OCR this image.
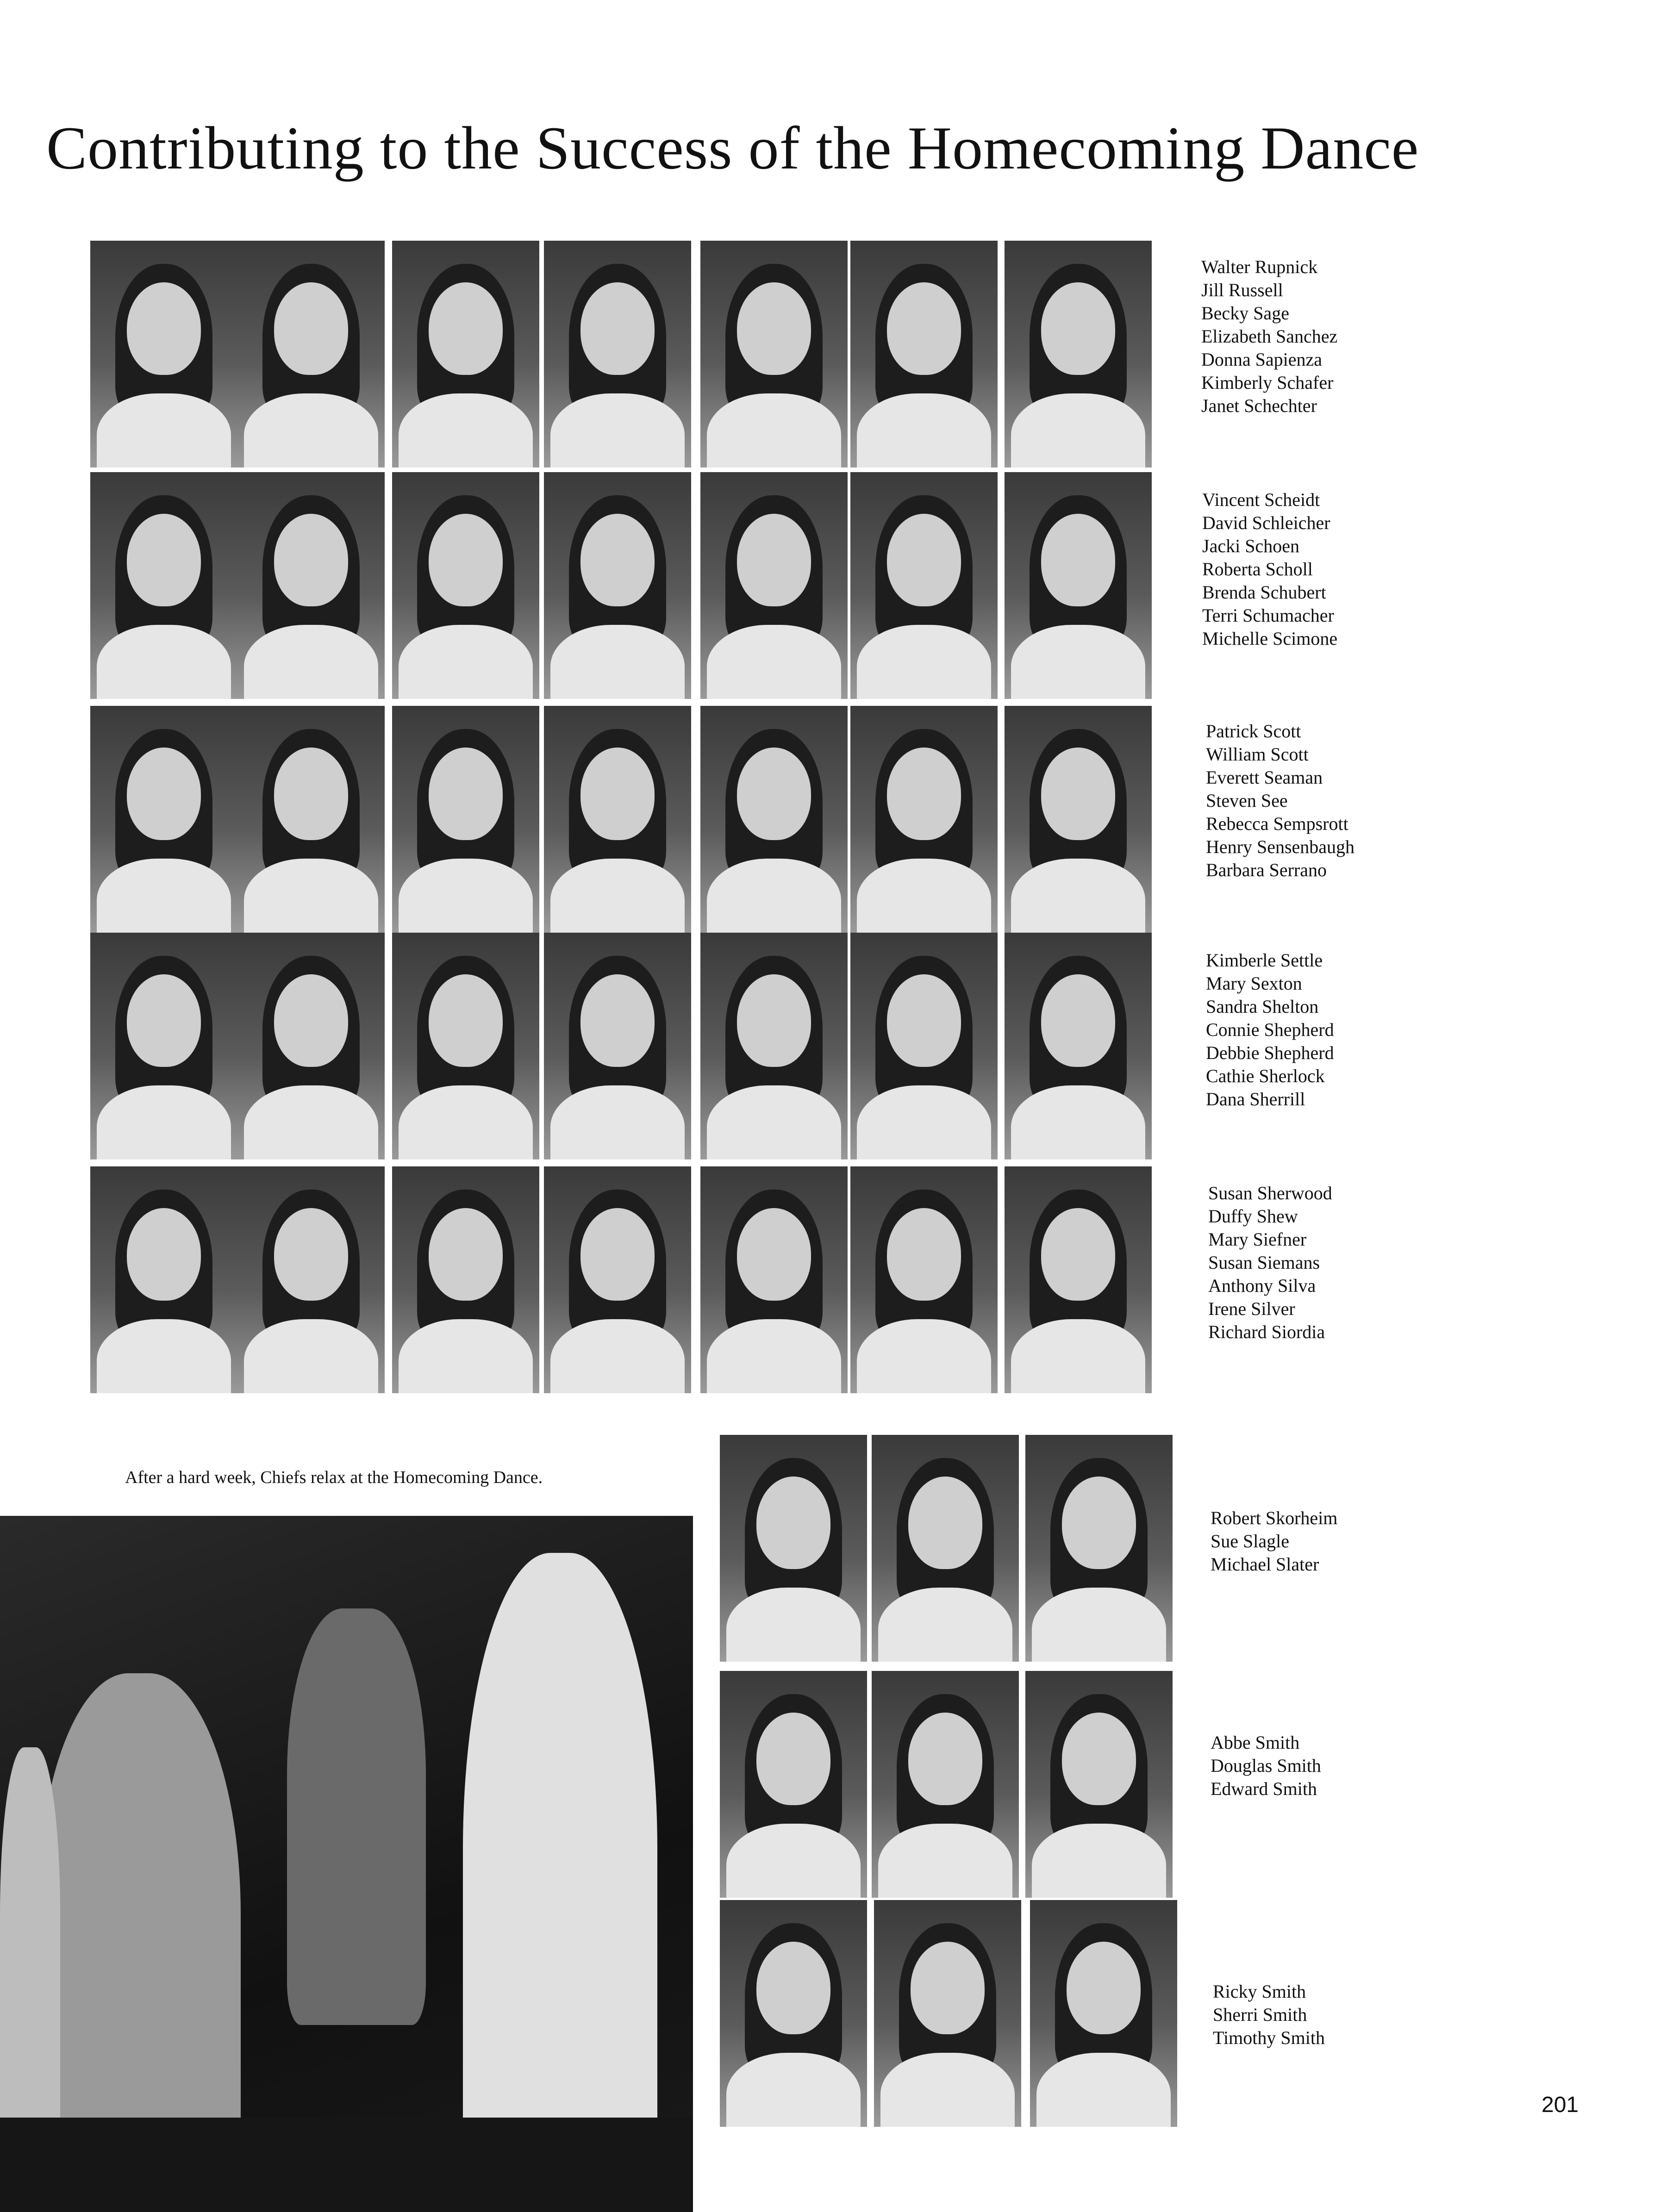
Contributing to the Success of the Homecoming Dance
Walter Rupnick
Jill Russell
Becky Sage
Elizabeth Sanchez
Donna Sapienza
Kimberly Schafer
Janet Schechter
Vincent Scheidt
David Schleicher
Jacki Schoen
Roberta Scholl
Brenda Schubert
Terri Schumacher
Michelle Scimone
Patrick Scott
William Scott
Everett Seaman
Steven See
Rebecca Sempsrott
Henry Sensenbaugh
Barbara Serrano
Kimberle Settle
Mary Sexton
Sandra Shelton
Connie Shepherd
Debbie Shepherd
Cathie Sherlock
Dana Sherrill
Susan Sherwood
Duffy Shew
Mary Siefner
Susan Siemans
Anthony Silva
Irene Silver
Richard Siordia
After a hard week, Chiefs relax at the Homecoming Dance.
Robert Skorheim
Sue Slagle
Michael Slater
Abbe Smith
Douglas Smith
Edward Smith
Ricky Smith
Sherri Smith
Timothy Smith
201
